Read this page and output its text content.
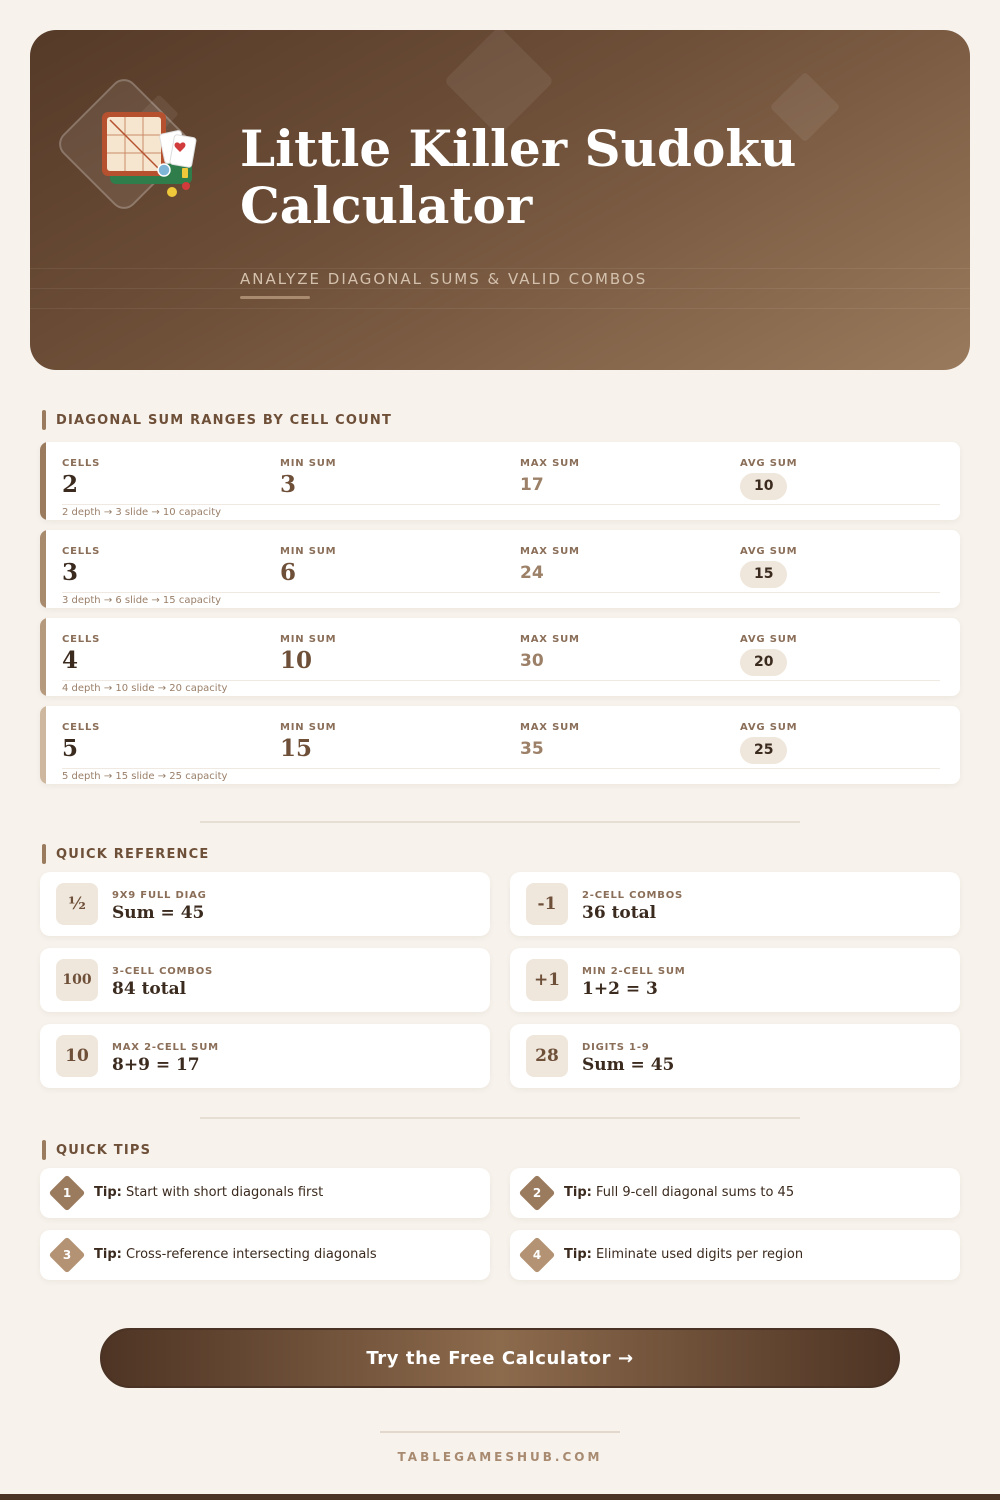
Little Killer Sudoku
Calculator
ANALYZE DIAGONAL SUMS & VALID COMBOS
DIAGONAL SUM RANGES BY CELL COUNT
CELLS
2
MIN SUM
3
MAX SUM
17
AVG SUM
10
2 depth → 3 slide → 10 capacity
CELLS
3
MIN SUM
6
MAX SUM
24
AVG SUM
15
3 depth → 6 slide → 15 capacity
CELLS
4
MIN SUM
10
MAX SUM
30
AVG SUM
20
4 depth → 10 slide → 20 capacity
CELLS
5
MIN SUM
15
MAX SUM
35
AVG SUM
25
5 depth → 15 slide → 25 capacity
QUICK REFERENCE
½	9X9 FULL DIAG
Sum = 45	-1	2-CELL COMBOS
36 total
100
3-CELL COMBOS
84 total	+1	MIN 2-CELL SUM
1+2 = 3
10	MAX 2-CELL SUM
8+9 = 17	28	DIGITS 1-9
Sum = 45
QUICK TIPS
1	Tip: Start with short diagonals first	2	Tip: Full 9-cell diagonal sums to 45
3	Tip: Cross-reference intersecting diagonals	4	Tip: Eliminate used digits per region
Try the Free Calculator →
TABLEGAMESHUB.COM
